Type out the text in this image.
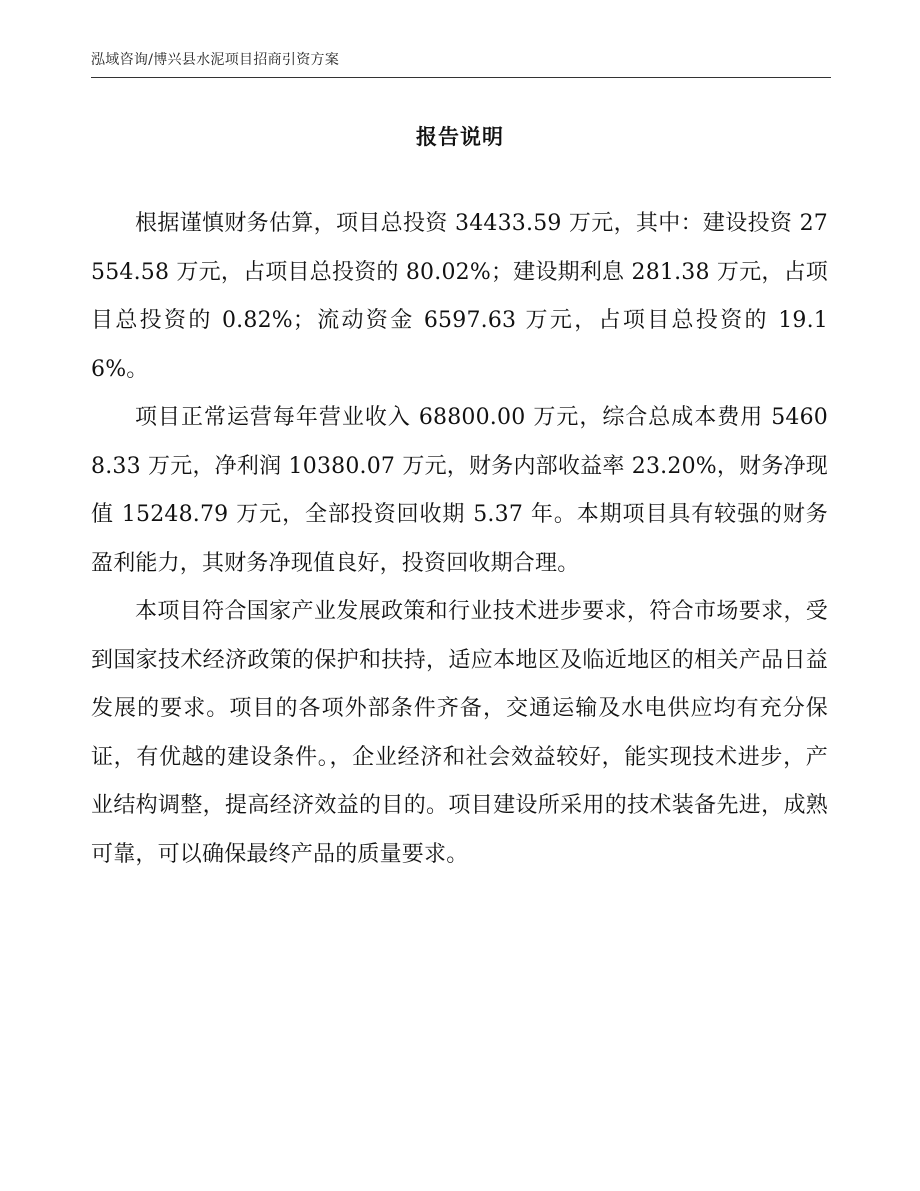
泓域咨询/博兴县水泥项目招商引资方案
报告说明

根据谨慎财务估算，项目总投资 34433.59 万元，其中：建设投资 27554.58 万元，占项目总投资的 80.02%；建设期利息 281.38 万元，占项目总投资的 0.82%；流动资金 6597.63 万元，占项目总投资的 19.16%。

项目正常运营每年营业收入 68800.00 万元，综合总成本费用 54608.33 万元，净利润 10380.07 万元，财务内部收益率 23.20%，财务净现值 15248.79 万元，全部投资回收期 5.37 年。本期项目具有较强的财务盈利能力，其财务净现值良好，投资回收期合理。

本项目符合国家产业发展政策和行业技术进步要求，符合市场要求，受到国家技术经济政策的保护和扶持，适应本地区及临近地区的相关产品日益发展的要求。项目的各项外部条件齐备，交通运输及水电供应均有充分保证，有优越的建设条件。，企业经济和社会效益较好，能实现技术进步，产业结构调整，提高经济效益的目的。项目建设所采用的技术装备先进，成熟可靠，可以确保最终产品的质量要求。
